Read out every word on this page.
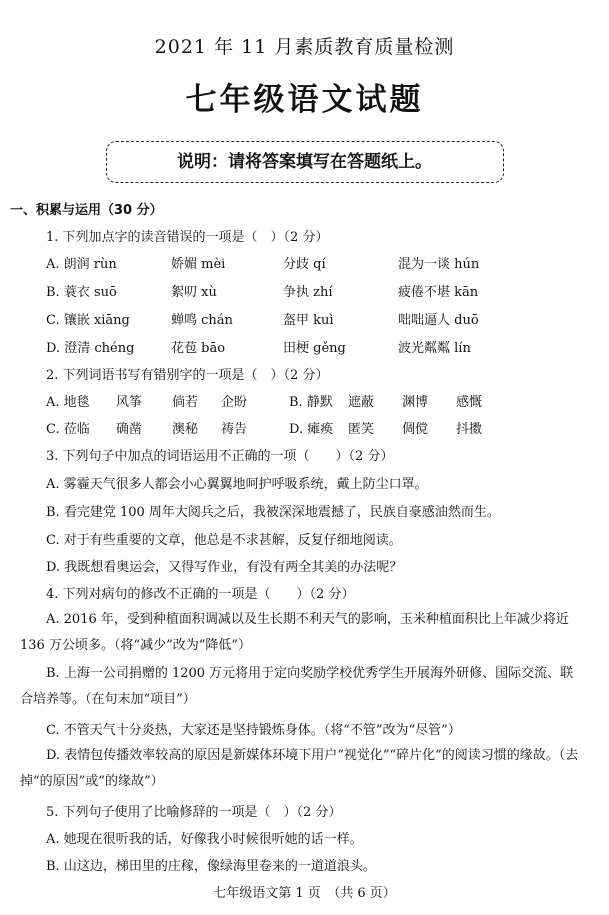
2021 年 11 月素质教育质量检测
七年级语文试题
说明：请将答案填写在答题纸上。
一、积累与运用（30 分）
1. 下列加点字的读音错误的一项是（　）（2 分）
A. 朗润 rùn	娇媚 mèi	分歧 qí	混为一谈 hún
B. 蓑衣 suō	絮叨 xù	争执 zhí	疲倦不堪 kān
C. 镶嵌 xiāng	蝉鸣 chán	盔甲 kuì	咄咄逼人 duō
D. 澄清 chéng	花苞 bāo	田梗 gěng	波光粼粼 lín
2. 下列词语书写有错别字的一项是（　）（2 分）
A. 地毯 风筝 倘若 企盼	B. 静默 遮蔽 渊博 感慨
C. 莅临 确凿 澳秘 祷告	D. 瘫痪 匿笑 倜傥 抖擞
3. 下列句子中加点的词语运用不正确的一项（　　）（2 分）
A. 雾霾天气很多人都会小心翼翼地呵护呼吸系统，戴上防尘口罩。
B. 看完建党 100 周年大阅兵之后，我被深深地震撼了，民族自豪感油然而生。
C. 对于有些重要的文章，他总是不求甚解，反复仔细地阅读。
D. 我既想看奥运会，又得写作业，有没有两全其美的办法呢？
4. 下列对病句的修改不正确的一项是（　　）（2 分）
A. 2016 年，受到种植面积调减以及生长期不利天气的影响，玉米种植面积比上年减少将近 136 万公顷多。（将“减少”改为“降低”）
B. 上海一公司捐赠的 1200 万元将用于定向奖励学校优秀学生开展海外研修、国际交流、联合培养等。（在句末加“项目”）
C. 不管天气十分炎热，大家还是坚持锻炼身体。（将“不管”改为“尽管”）
D. 表情包传播效率较高的原因是新媒体环境下用户“视觉化”“碎片化”的阅读习惯的缘故。（去掉“的原因”或“的缘故”）
5. 下列句子使用了比喻修辞的一项是（　）（2 分）
A. 她现在很听我的话，好像我小时候很听她的话一样。
B. 山这边，梯田里的庄稼，像绿海里卷来的一道道浪头。
七年级语文第 1 页　（共 6 页）
